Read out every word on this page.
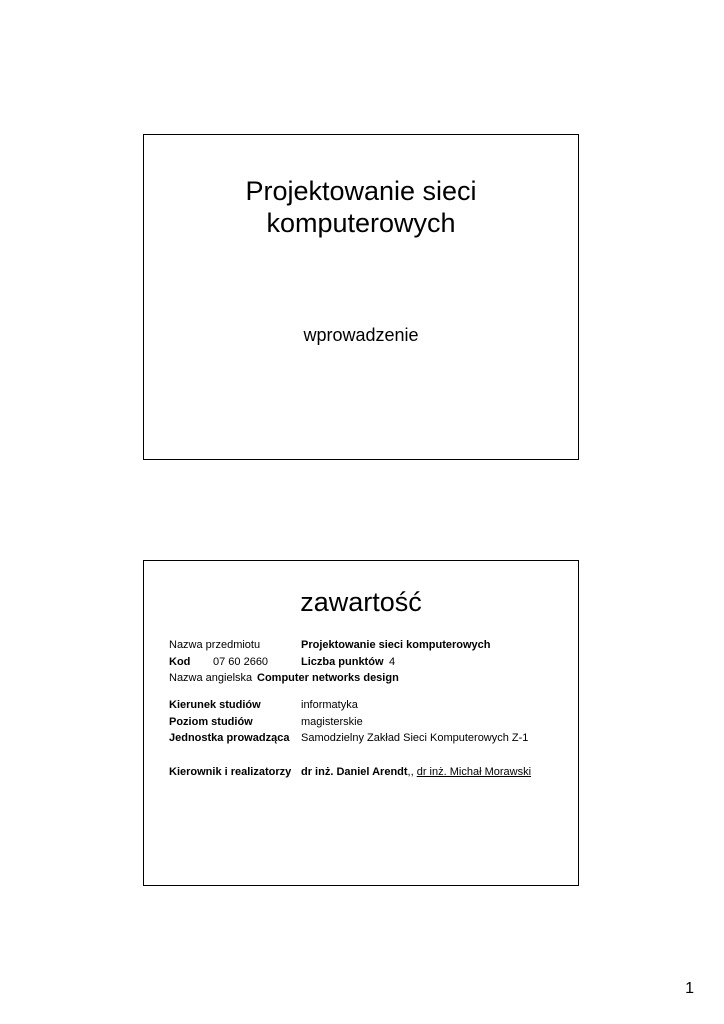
Projektowanie sieci
komputerowych
wprowadzenie
zawartość
Nazwa przedmiotu	Projektowanie sieci komputerowych
Kod 07 60 2660	Liczba punktów 4
Nazwa angielska Computer networks design
Kierunek studiów	informatyka
Poziom studiów	magisterskie
Jednostka prowadząca Samodzielny Zakład Sieci Komputerowych Z-1
Kierownik i realizatorzy dr inż. Daniel Arendt,, dr inż. Michał Morawski
1
